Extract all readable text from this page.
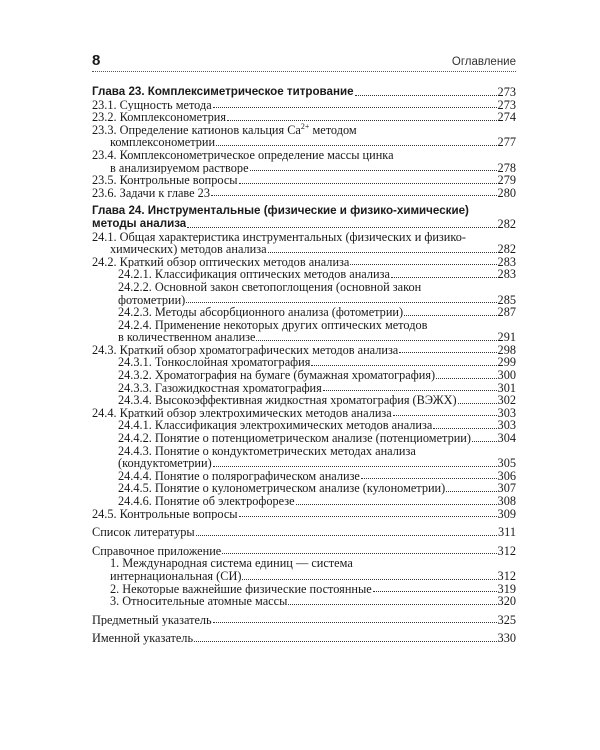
8	Оглавление
Глава 23. Комплексиметрическое титрование	273
23.1. Сущность метода	273
23.2. Комплексонометрия	274
23.3. Определение катионов кальция $Ca^{2+}$ методом
комплексонометрии	277
23.4. Комплексонометрическое определение массы цинка
в анализируемом растворе	278
23.5. Контрольные вопросы	279
23.6. Задачи к главе 23	280
Глава 24. Инструментальные (физические и физико-химические)
методы анализа	282
24.1. Общая характеристика инструментальных (физических и физико-
химических) методов анализа	282
24.2. Краткий обзор оптических методов анализа	283
24.2.1. Классификация оптических методов анализа	283
24.2.2. Основной закон светопоглощения (основной закон
фотометрии)	285
24.2.3. Методы абсорбционного анализа (фотометрии)	287
24.2.4. Применение некоторых других оптических методов
в количественном анализе	291
24.3. Краткий обзор хроматографических методов анализа	298
24.3.1. Тонкослойная хроматография	299
24.3.2. Хроматография на бумаге (бумажная хроматография)	300
24.3.3. Газожидкостная хроматография	301
24.3.4. Высокоэффективная жидкостная хроматография (ВЭЖХ)	302
24.4. Краткий обзор электрохимических методов анализа	303
24.4.1. Классификация электрохимических методов анализа	303
24.4.2. Понятие о потенциометрическом анализе (потенциометрии) 304
24.4.3. Понятие о кондуктометрических методах анализа
(кондуктометрии)	305
24.4.4. Понятие о полярографическом анализе	306
24.4.5. Понятие о кулонометрическом анализе (кулонометрии)	307
24.4.6. Понятие об электрофорезе	308
24.5. Контрольные вопросы	309
Список литературы	311
Справочное приложение	312
1. Международная система единиц — система
интернациональная (СИ)	312
2. Некоторые важнейшие физические постоянные	319
3. Относительные атомные массы	320
Предметный указатель	325
Именной указатель	330
